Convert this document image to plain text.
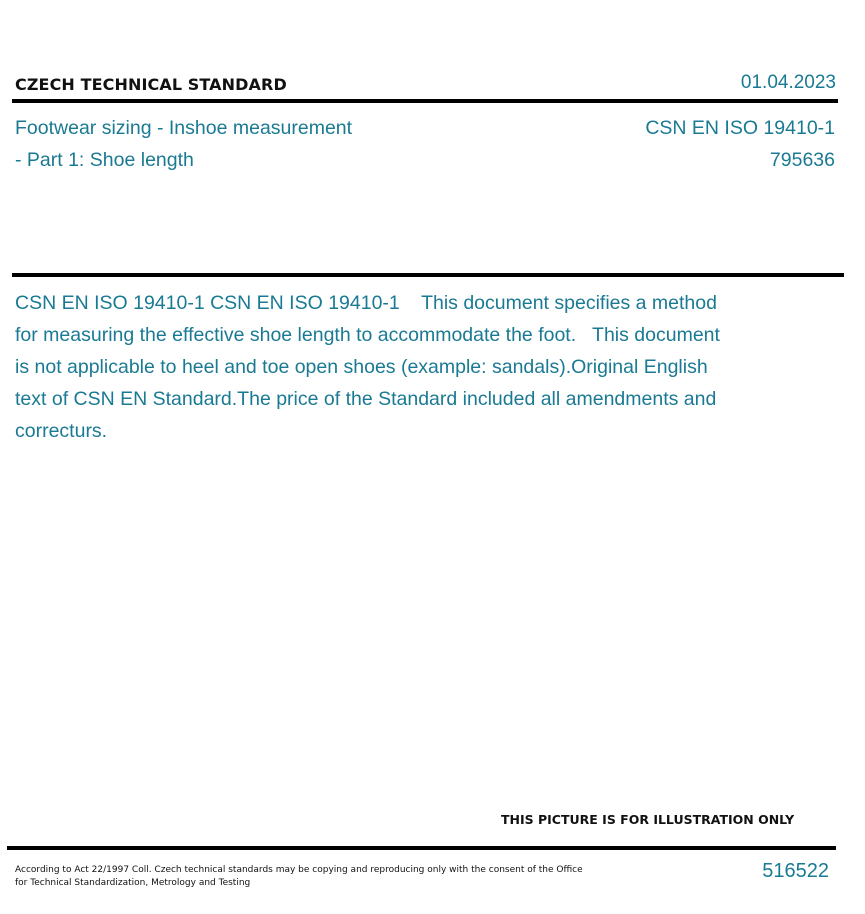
CZECH TECHNICAL STANDARD	01.04.2023
Footwear sizing - Inshoe measurement
- Part 1: Shoe length
CSN EN ISO 19410-1
795636
CSN EN ISO 19410-1 CSN EN ISO 19410-1    This document specifies a method for measuring the effective shoe length to accommodate the foot.   This document is not applicable to heel and toe open shoes (example: sandals).Original English text of CSN EN Standard.The price of the Standard included all amendments and correcturs.
THIS PICTURE IS FOR ILLUSTRATION ONLY
According to Act 22/1997 Coll. Czech technical standards may be copying and reproducing only with the consent of the Office
for Technical Standardization, Metrology and Testing
516522
